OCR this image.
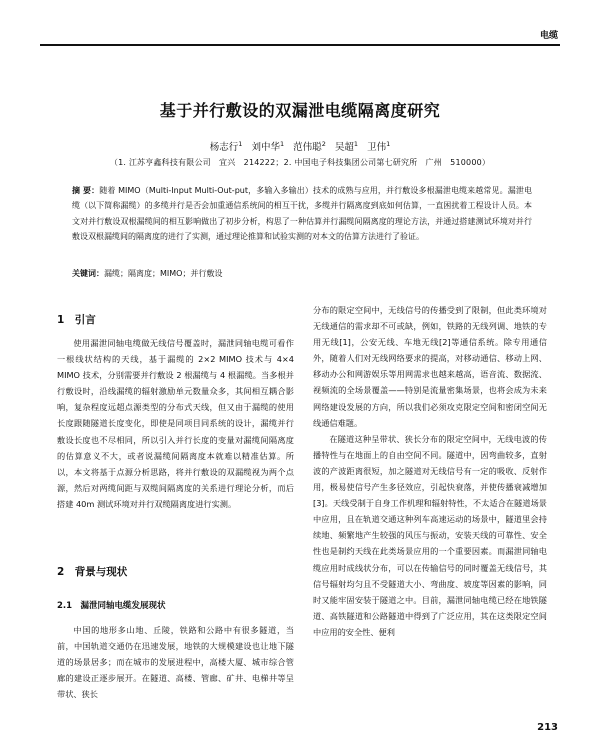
电缆
基于并行敷设的双漏泄电缆隔离度研究
杨志行$^1$ 刘中华$^1$ 范伟聪$^2$ 吴超$^1$ 卫伟$^1$
（1. 江苏亨鑫科技有限公司　宜兴　214222；2. 中国电子科技集团公司第七研究所　广州　510000）
摘 要：随着 MIMO（Multi-Input Multi-Out-put，多输入多输出）技术的成熟与应用，并行敷设多根漏泄电缆来越常见。漏泄电缆（以下简称漏缆）的多缆并行是否会加重通信系统间的相互干扰，多缆并行隔离度到底如何估算，一直困扰着工程设计人员。本文对并行敷设双根漏缆间的相互影响做出了初步分析，构思了一种估算并行漏缆间隔离度的理论方法，并通过搭建测试环境对并行敷设双根漏缆间的隔离度的进行了实测，通过理论推算和试验实测的对本文的估算方法进行了验证。
关键词：漏缆；隔离度；MIMO；并行敷设
1　引言

使用漏泄同轴电缆做无线信号覆盖时，漏泄同轴电缆可看作一根线状结构的天线，基于漏缆的 2×2 MIMO 技术与 4×4 MIMO 技术，分别需要并行敷设 2 根漏缆与 4 根漏缆。当多根并行敷设时，沿线漏缆的辐射激励单元数量众多，其间相互耦合影响，复杂程度远超点源类型的分布式天线，但又由于漏缆的使用长度跟随隧道长度变化，即使是同项目同系统的设计，漏缆并行敷设长度也不尽相同，所以引入并行长度的变量对漏缆间隔离度的估算意义不大，或者说漏缆间隔离度本就难以精准估算。所以，本文将基于点源分析思路，将并行敷设的双漏缆视为两个点源，然后对两缆间距与双缆间隔离度的关系进行理论分析，而后搭建 40m 测试环境对并行双缆隔离度进行实测。

2　背景与现状
2.1　漏泄同轴电缆发展现状

中国的地形多山地、丘陵，铁路和公路中有很多隧道，当前，中国轨道交通仍在迅速发展，地铁的大规模建设也让地下隧道的场景居多；而在城市的发展进程中，高楼大厦、城市综合管廊的建设正逐步展开。在隧道、高楼、管廊、矿井、电梯井等呈带状、狭长

分布的限定空间中，无线信号的传播受到了限制，但此类环境对无线通信的需求却不可或缺，例如，铁路的无线列调、地铁的专用无线[1]，公安无线、车地无线[2]等通信系统。除专用通信外，随着人们对无线网络要求的提高，对移动通信、移动上网、移动办公和网游娱乐等用网需求也越来越高，语音流、数据流、视频流的全场景覆盖——特别是流量密集场景，也将会成为未来网络建设发展的方向，所以我们必须攻克限定空间和密闭空间无线通信难题。

在隧道这种呈带状、狭长分布的限定空间中，无线电波的传播特性与在地面上的自由空间不同。隧道中，因弯曲较多，直射波的产波距离很短，加之隧道对无线信号有一定的吸收、反射作用，极易使信号产生多径效应，引起快衰落，并使传播衰减增加[3]。天线受制于自身工作机理和辐射特性，不太适合在隧道场景中应用，且在轨道交通这种列车高速运动的场景中，隧道里会持续地、频繁地产生较强的风压与振动，安装天线的可靠性、安全性也是制约天线在此类场景应用的一个重要因素。而漏泄同轴电缆应用时成线状分布，可以在传输信号的同时覆盖无线信号，其信号辐射均匀且不受隧道大小、弯曲度、坡度等因素的影响，同时又能牢固安装于隧道之中。目前，漏泄同轴电缆已经在地铁隧道、高铁隧道和公路隧道中得到了广泛应用，其在这类限定空间中应用的安全性、便利

213
